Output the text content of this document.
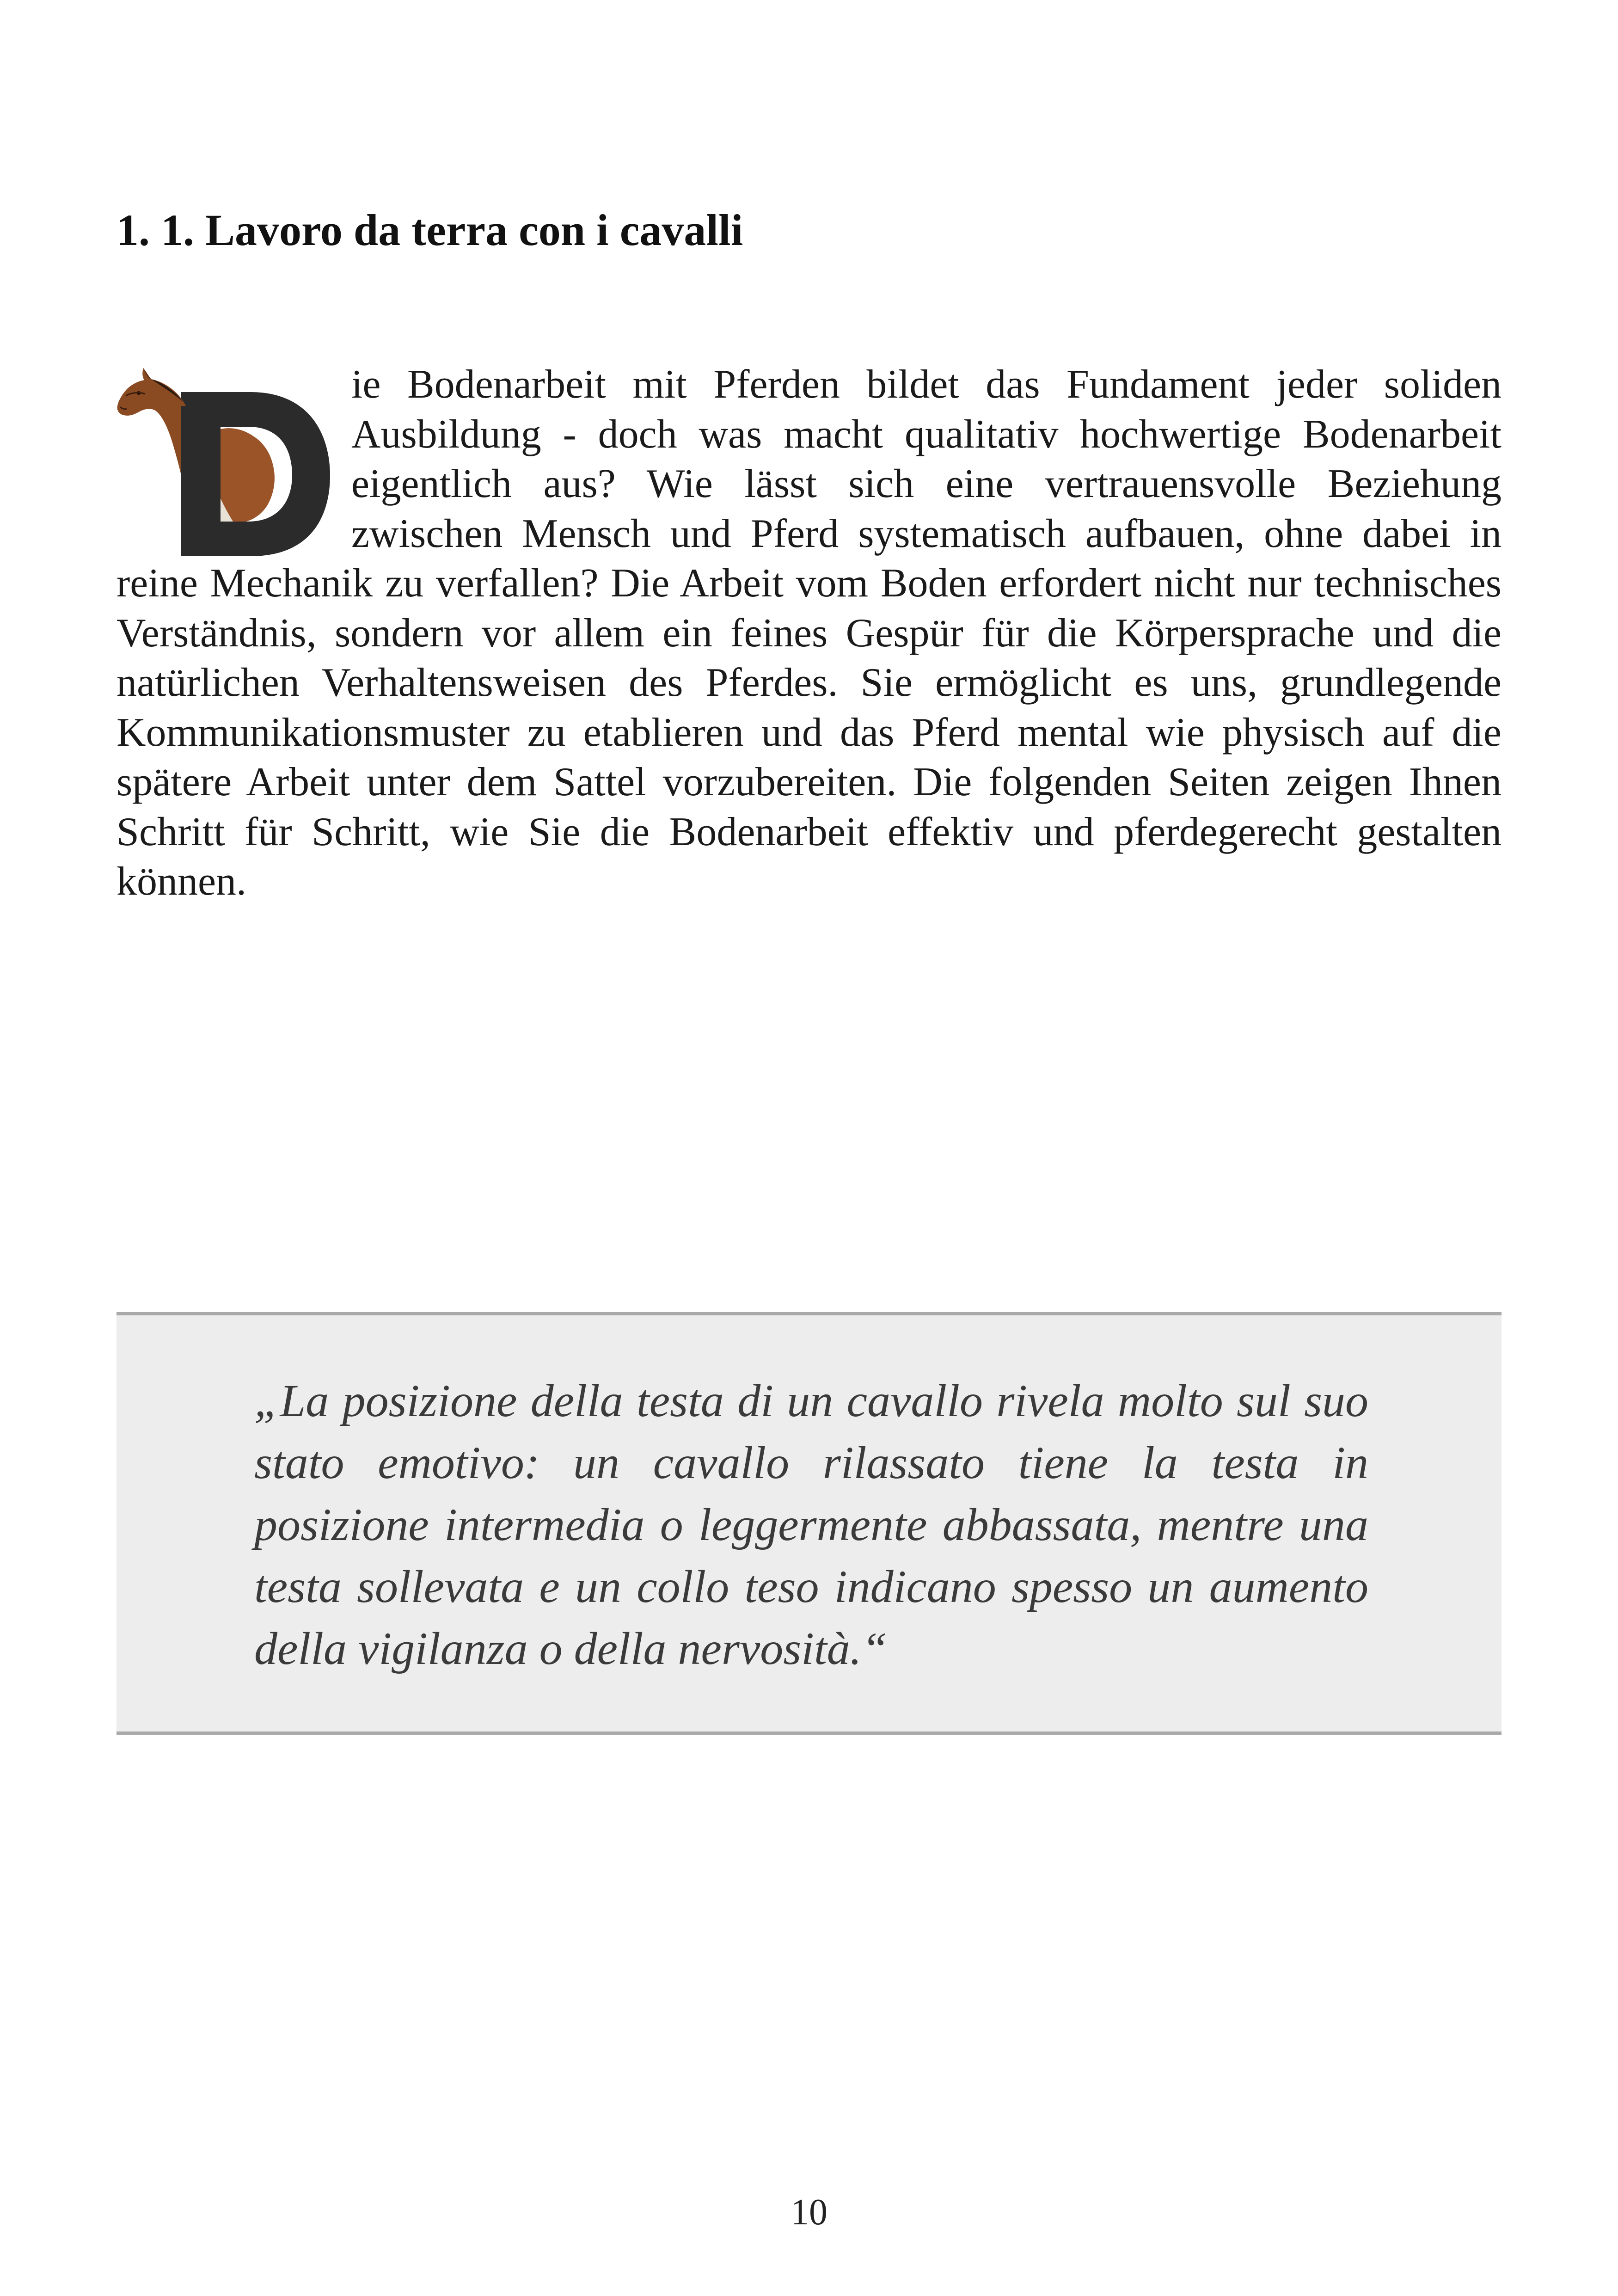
1. 1. Lavoro da terra con i cavalli

ie Bodenarbeit mit Pferden bildet das Fundament jeder soliden Ausbildung - doch was macht qualitativ hochwertige Bodenarbeit eigentlich aus? Wie lässt sich eine vertrauensvolle Beziehung zwischen Mensch und Pferd systematisch aufbauen, ohne dabei in reine Mechanik zu verfallen? Die Arbeit vom Boden erfordert nicht nur technisches Verständnis, sondern vor allem ein feines Gespür für die Körpersprache und die natürlichen Verhaltensweisen des Pferdes. Sie ermöglicht es uns, grundlegende Kommunikationsmuster zu etablieren und das Pferd mental wie physisch auf die spätere Arbeit unter dem Sattel vorzubereiten. Die folgenden Seiten zeigen Ihnen Schritt für Schritt, wie Sie die Bodenarbeit effektiv und pferdegerecht gestalten können.

„La posizione della testa di un cavallo rivela molto sul suo stato emotivo: un cavallo rilassato tiene la testa in posizione intermedia o leggermente abbassata, mentre una testa sollevata e un collo teso indicano spesso un aumento della vigilanza o della nervosità.“

10
